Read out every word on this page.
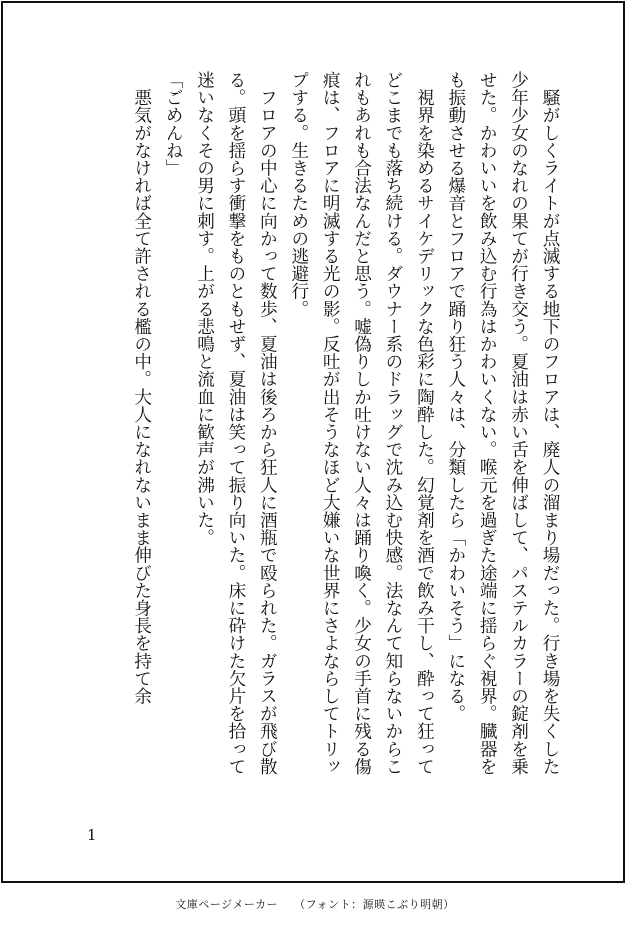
　騒がしくライトが点滅する地下のフロアは、廃人の溜まり場だった。行き場を失くした少年少女のなれの果てが行き交う。夏油は赤い舌を伸ばして、パステルカラーの錠剤を乗せた。かわいいを飲み込む行為はかわいくない。喉元を過ぎた途端に揺らぐ視界。臓器をも振動させる爆音とフロアで踊り狂う人々は、分類したら「かわいそう」になる。

　視界を染めるサイケデリックな色彩に陶酔した。幻覚剤を酒で飲み干し、酔って狂ってどこまでも落ち続ける。ダウナー系のドラッグで沈み込む快感。法なんて知らないからこれもあれも合法なんだと思う。嘘偽りしか吐けない人々は踊り喚く。少女の手首に残る傷痕は、フロアに明滅する光の影。反吐が出そうなほど大嫌いな世界にさよならしてトリップする。生きるための逃避行。

　フロアの中心に向かって数歩、夏油は後ろから狂人に酒瓶で殴られた。ガラスが飛び散る。頭を揺らす衝撃をものともせず、夏油は笑って振り向いた。床に砕けた欠片を拾って迷いなくその男に刺す。上がる悲鳴と流血に歓声が沸いた。

「ごめんね」

　悪気がなければ全て許される檻の中。大人になれないまま伸びた身長を持て余

1
文庫ページメーカー （フォント：源暎こぶり明朝）
